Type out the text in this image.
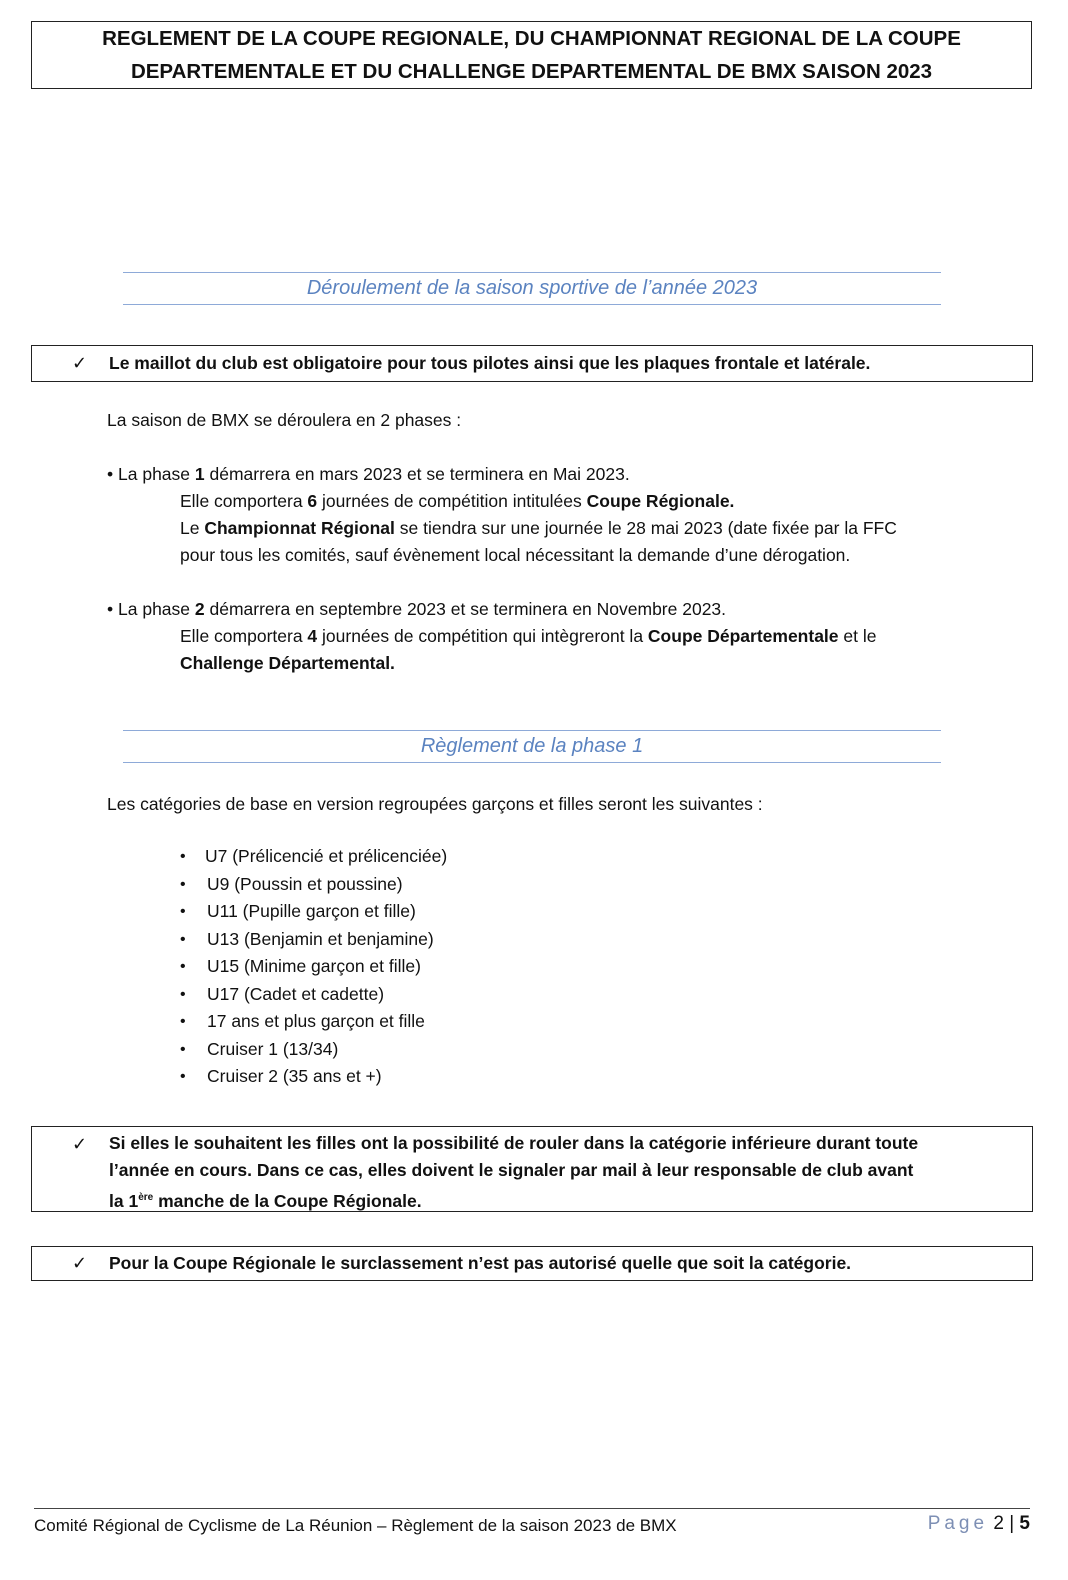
REGLEMENT DE LA COUPE REGIONALE, DU CHAMPIONNAT REGIONAL DE LA COUPE
DEPARTEMENTALE ET DU CHALLENGE DEPARTEMENTAL DE BMX SAISON 2023
Déroulement de la saison sportive de l’année 2023
✓ Le maillot du club est obligatoire pour tous pilotes ainsi que les plaques frontale et latérale.
La saison de BMX se déroulera en 2 phases :
• La phase 1 démarrera en mars 2023 et se terminera en Mai 2023.
Elle comportera 6 journées de compétition intitulées Coupe Régionale.
Le Championnat Régional se tiendra sur une journée le 28 mai 2023 (date fixée par la FFC
pour tous les comités, sauf évènement local nécessitant la demande d’une dérogation.
• La phase 2 démarrera en septembre 2023 et se terminera en Novembre 2023.
Elle comportera 4 journées de compétition qui intègreront la Coupe Départementale et le
Challenge Départemental.
Règlement de la phase 1
Les catégories de base en version regroupées garçons et filles seront les suivantes :
• U7 (Prélicencié et prélicenciée)
• U9 (Poussin et poussine)
• U11 (Pupille garçon et fille)
• U13 (Benjamin et benjamine)
• U15 (Minime garçon et fille)
• U17 (Cadet et cadette)
• 17 ans et plus garçon et fille
• Cruiser 1 (13/34)
• Cruiser 2 (35 ans et +)
✓ Si elles le souhaitent les filles ont la possibilité de rouler dans la catégorie inférieure durant toute
l’année en cours. Dans ce cas, elles doivent le signaler par mail à leur responsable de club avant
la 1ère manche de la Coupe Régionale.
✓ Pour la Coupe Régionale le surclassement n’est pas autorisé quelle que soit la catégorie.
Comité Régional de Cyclisme de La Réunion – Règlement de la saison 2023 de BMX	Page 2 | 5
